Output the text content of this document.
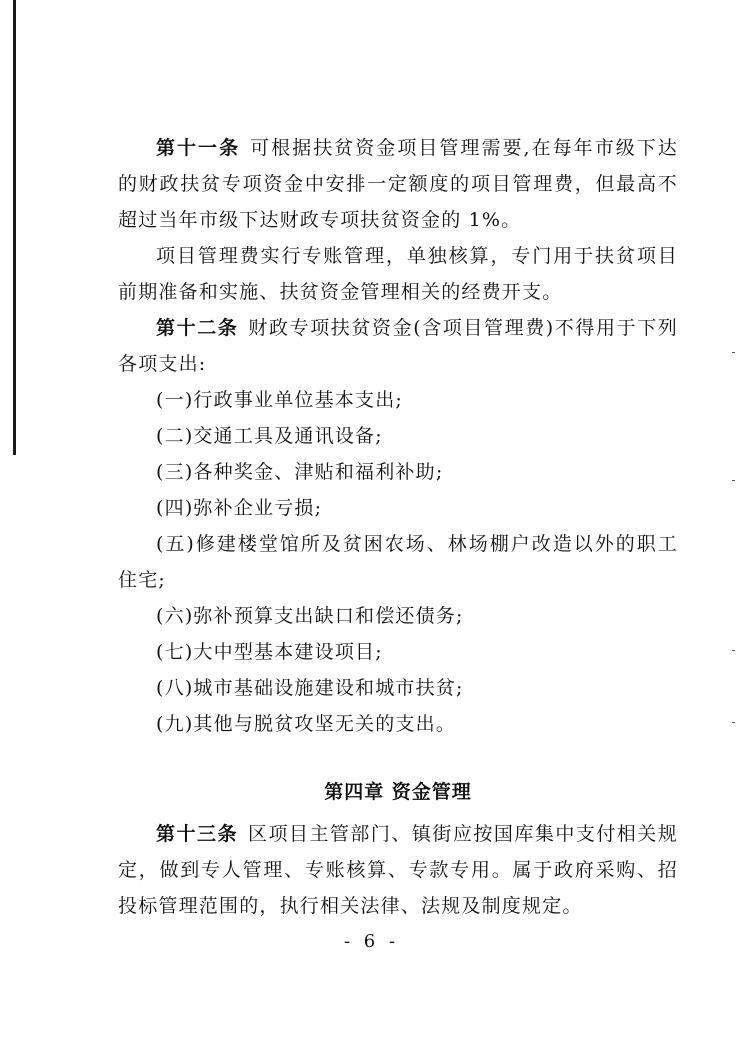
第十一条 可根据扶贫资金项目管理需要,在每年市级下达的财政扶贫专项资金中安排一定额度的项目管理费，但最高不超过当年市级下达财政专项扶贫资金的 1%。

项目管理费实行专账管理，单独核算，专门用于扶贫项目前期准备和实施、扶贫资金管理相关的经费开支。

第十二条 财政专项扶贫资金(含项目管理费)不得用于下列各项支出:

(一)行政事业单位基本支出;

(二)交通工具及通讯设备;

(三)各种奖金、津贴和福利补助;

(四)弥补企业亏损;

(五)修建楼堂馆所及贫困农场、林场棚户改造以外的职工住宅;

(六)弥补预算支出缺口和偿还债务;

(七)大中型基本建设项目;

(八)城市基础设施建设和城市扶贫;

(九)其他与脱贫攻坚无关的支出。

第四章 资金管理

第十三条 区项目主管部门、镇街应按国库集中支付相关规定，做到专人管理、专账核算、专款专用。属于政府采购、招投标管理范围的，执行相关法律、法规及制度规定。

- 6 -
